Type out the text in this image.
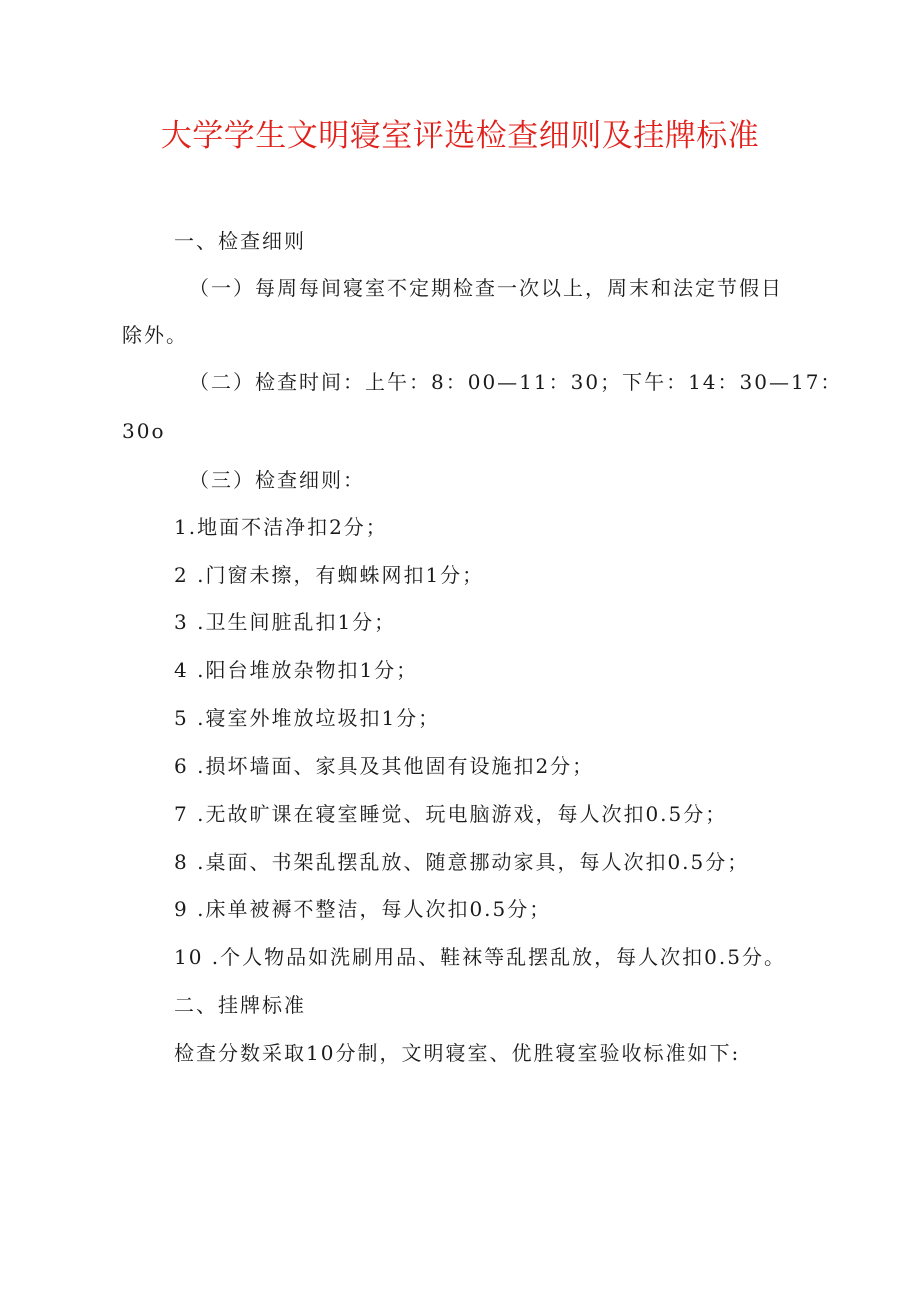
大学学生文明寝室评选检查细则及挂牌标准
一、检查细则
（一）每周每间寝室不定期检查一次以上，周末和法定节假日
除外。
（二）检查时间：上午：8：00—11：30；下午：14：30—17：
30o
（三）检查细则：
1.地面不洁净扣2分；
2 .门窗未擦，有蜘蛛网扣1分；
3 .卫生间脏乱扣1分；
4 .阳台堆放杂物扣1分；
5 .寝室外堆放垃圾扣1分；
6 .损坏墙面、家具及其他固有设施扣2分；
7 .无故旷课在寝室睡觉、玩电脑游戏，每人次扣0.5分；
8 .桌面、书架乱摆乱放、随意挪动家具，每人次扣0.5分；
9 .床单被褥不整洁，每人次扣0.5分；
10 .个人物品如洗刷用品、鞋袜等乱摆乱放，每人次扣0.5分。
二、挂牌标准
检查分数采取10分制，文明寝室、优胜寝室验收标准如下:
